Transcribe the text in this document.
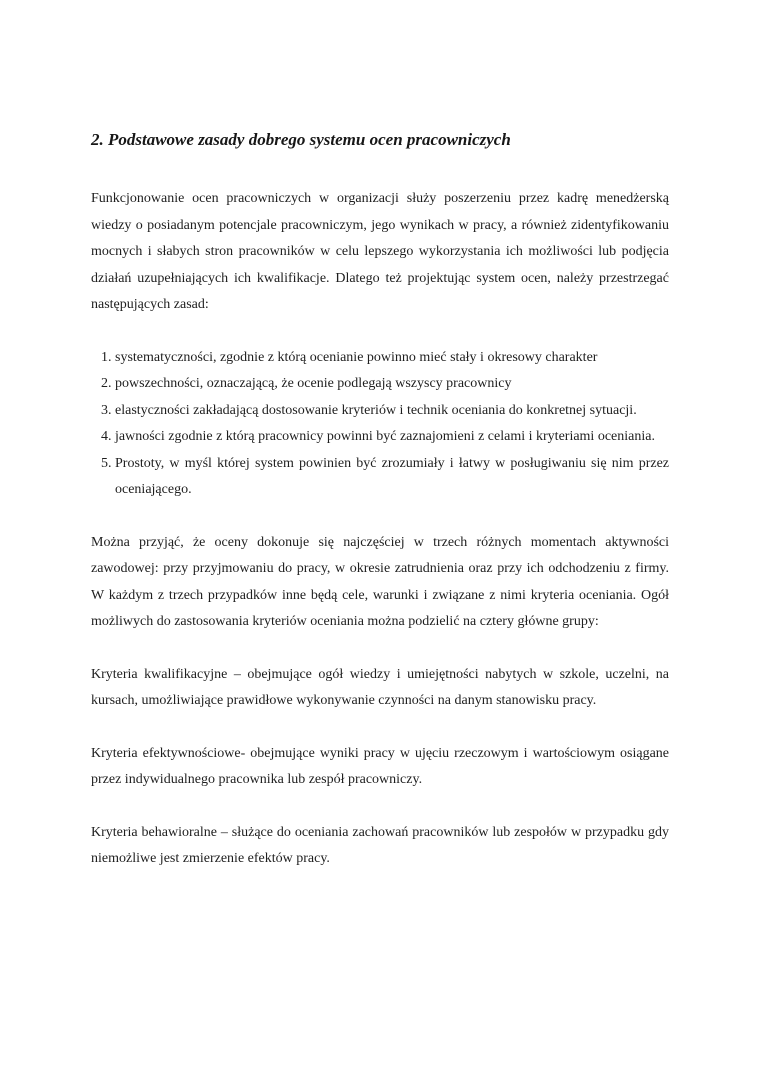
2. Podstawowe zasady dobrego systemu ocen pracowniczych

Funkcjonowanie ocen pracowniczych w organizacji służy poszerzeniu przez kadrę menedżerską wiedzy o posiadanym potencjale pracowniczym, jego wynikach w pracy, a również zidentyfikowaniu mocnych i słabych stron pracowników w celu lepszego wykorzystania ich możliwości lub podjęcia działań uzupełniających ich kwalifikacje. Dlatego też projektując system ocen, należy przestrzegać następujących zasad:

1. systematyczności, zgodnie z którą ocenianie powinno mieć stały i okresowy charakter
2. powszechności, oznaczającą, że ocenie podlegają wszyscy pracownicy
3. elastyczności zakładającą dostosowanie kryteriów i technik oceniania do konkretnej sytuacji.
4. jawności zgodnie z którą pracownicy powinni być zaznajomieni z celami i kryteriami oceniania.
5. Prostoty, w myśl której system powinien być zrozumiały i łatwy w posługiwaniu się nim przez oceniającego.

Można przyjąć, że oceny dokonuje się najczęściej w trzech różnych momentach aktywności zawodowej: przy przyjmowaniu do pracy, w okresie zatrudnienia oraz przy ich odchodzeniu z firmy. W każdym z trzech przypadków inne będą cele, warunki i związane z nimi kryteria oceniania. Ogół możliwych do zastosowania kryteriów oceniania można podzielić na cztery główne grupy:

Kryteria kwalifikacyjne – obejmujące ogół wiedzy i umiejętności nabytych w szkole, uczelni, na kursach, umożliwiające prawidłowe wykonywanie czynności na danym stanowisku pracy.

Kryteria efektywnościowe- obejmujące wyniki pracy w ujęciu rzeczowym i wartościowym osiągane przez indywidualnego pracownika lub zespół pracowniczy.

Kryteria behawioralne – służące do oceniania zachowań pracowników lub zespołów w przypadku gdy niemożliwe jest zmierzenie efektów pracy.
